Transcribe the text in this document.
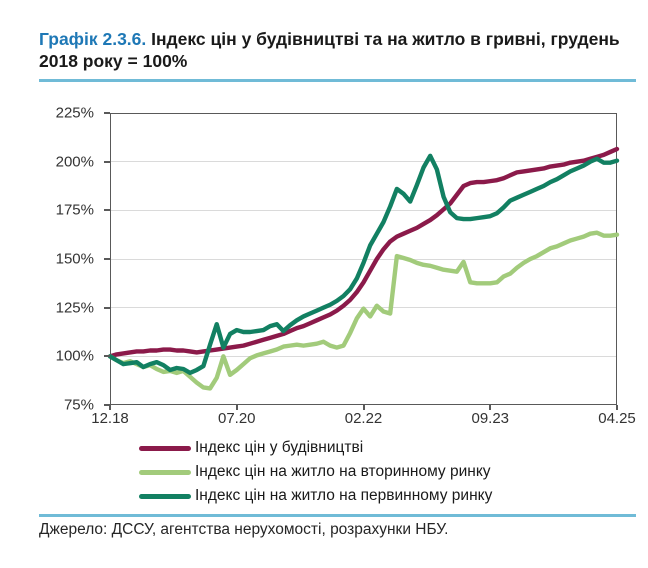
Графік 2.3.6. Індекс цін у будівництві та на житло в гривні, грудень 2018 року = 100%
225%
200%
175%
150%
125%
100%
75%
12.18	07.20	02.22	09.23	04.25
Індекс цін у будівництві
Індекс цін на житло на вторинному ринку
Індекс цін на житло на первинному ринку
Джерело: ДССУ, агентства нерухомості, розрахунки НБУ.
